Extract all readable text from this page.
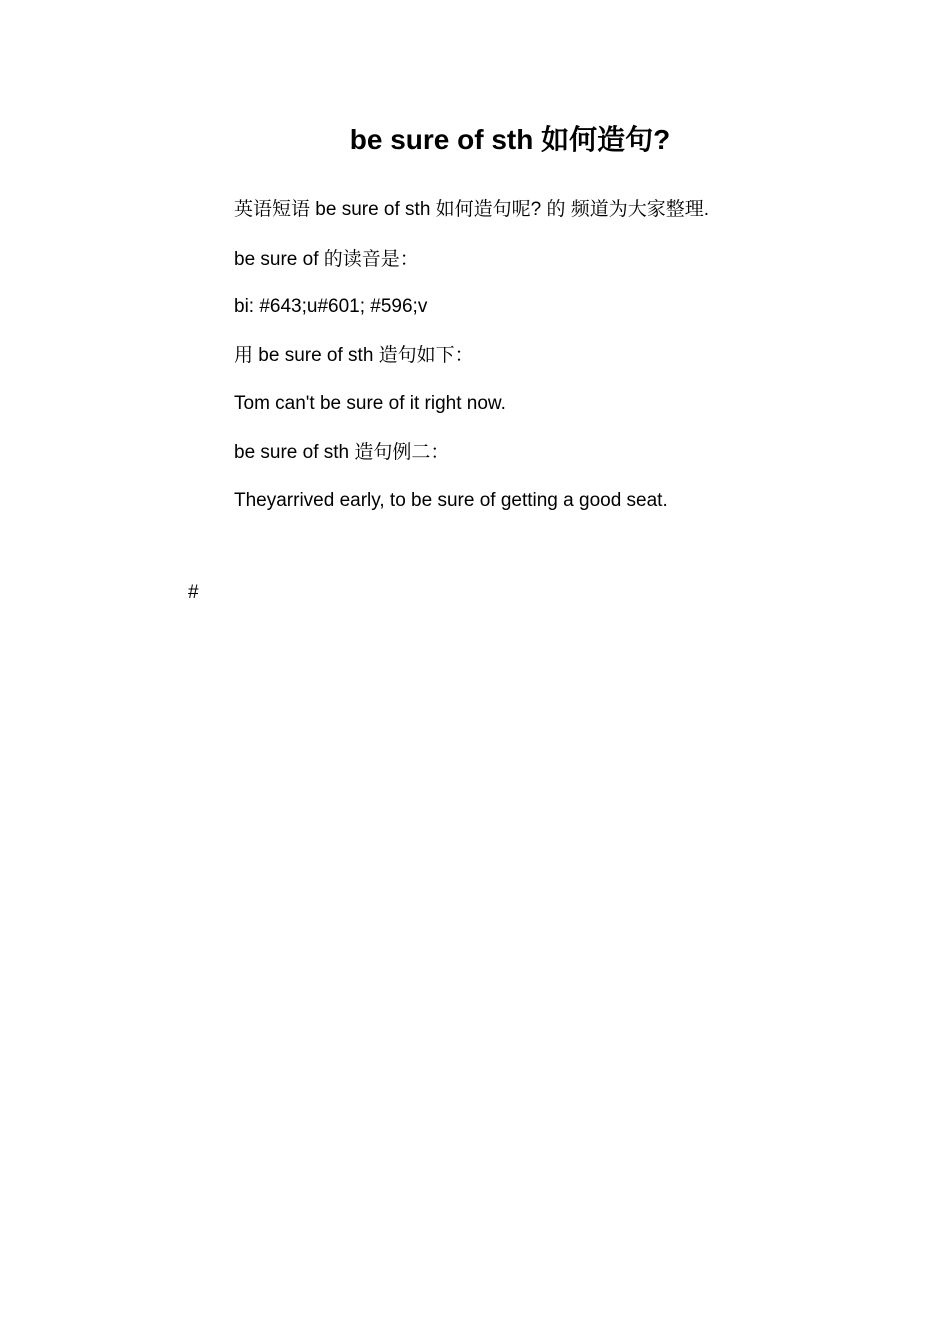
be sure of sth 如何造句?
英语短语 be sure of sth 如何造句呢? 的 频道为大家整理.
be sure of 的读音是：
bi: #643;u#601; #596;v
用 be sure of sth 造句如下：
Tom can't be sure of it right now.
be sure of sth 造句例二：
Theyarrived early, to be sure of getting a good seat.
#
